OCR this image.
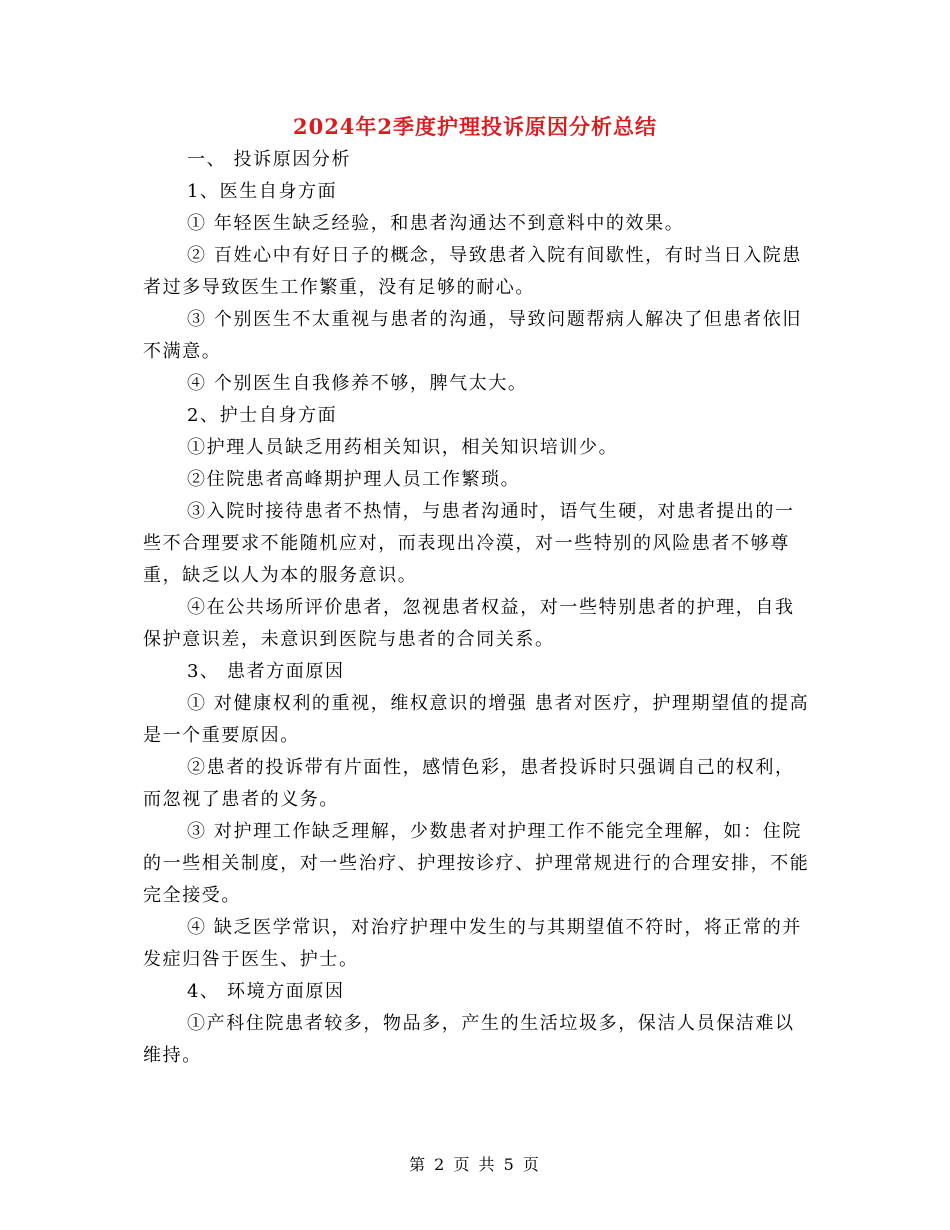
2024年2季度护理投诉原因分析总结

一、 投诉原因分析

1、医生自身方面

① 年轻医生缺乏经验，和患者沟通达不到意料中的效果。

② 百姓心中有好日子的概念，导致患者入院有间歇性，有时当日入院患者过多导致医生工作繁重，没有足够的耐心。

③ 个别医生不太重视与患者的沟通，导致问题帮病人解决了但患者依旧不满意。

④ 个别医生自我修养不够，脾气太大。

2、护士自身方面

①护理人员缺乏用药相关知识，相关知识培训少。

②住院患者高峰期护理人员工作繁琐。

③入院时接待患者不热情，与患者沟通时，语气生硬，对患者提出的一些不合理要求不能随机应对，而表现出冷漠，对一些特别的风险患者不够尊重，缺乏以人为本的服务意识。

④在公共场所评价患者，忽视患者权益，对一些特别患者的护理，自我保护意识差，未意识到医院与患者的合同关系。

3、 患者方面原因

① 对健康权利的重视，维权意识的增强 患者对医疗，护理期望值的提高是一个重要原因。

②患者的投诉带有片面性，感情色彩，患者投诉时只强调自己的权利，而忽视了患者的义务。

③ 对护理工作缺乏理解，少数患者对护理工作不能完全理解，如：住院的一些相关制度，对一些治疗、护理按诊疗、护理常规进行的合理安排，不能完全接受。

④ 缺乏医学常识，对治疗护理中发生的与其期望值不符时，将正常的并发症归咎于医生、护士。

4、 环境方面原因

①产科住院患者较多，物品多，产生的生活垃圾多，保洁人员保洁难以维持。

第 2 页 共 5 页
